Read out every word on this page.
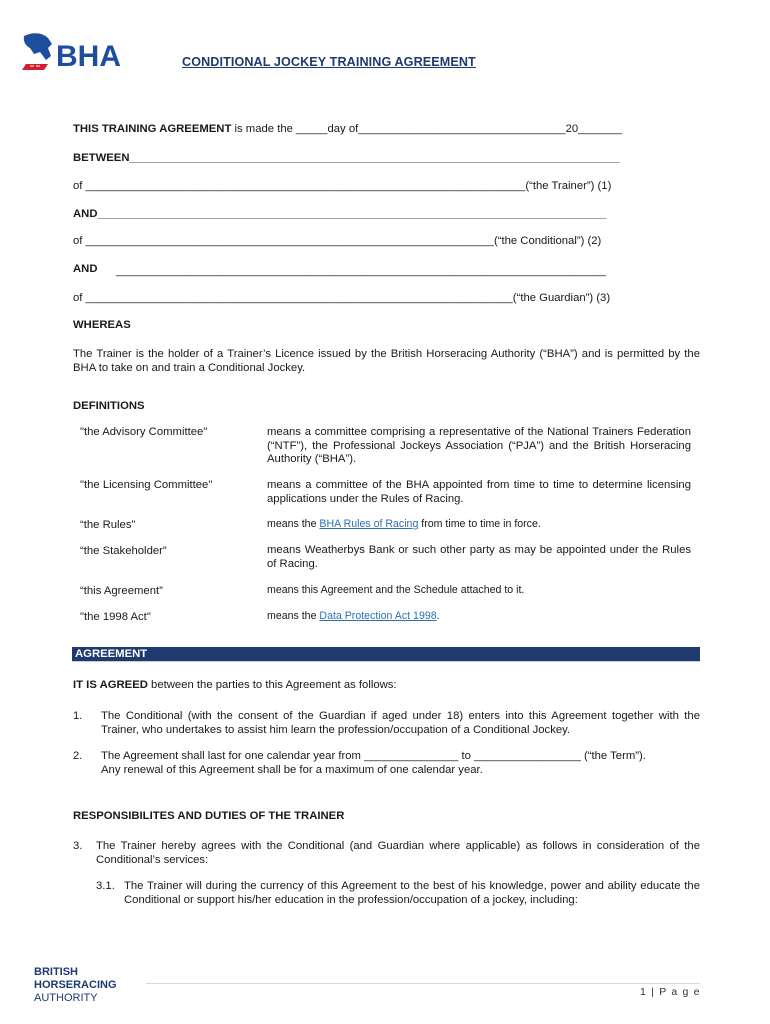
BHA	CONDITIONAL JOCKEY TRAINING AGREEMENT
THIS TRAINING AGREEMENT is made the _____day of_________________________________20_______
BETWEEN______________________________________________________________________________
of ______________________________________________________________________(“the Trainer”) (1)
AND_________________________________________________________________________________
of _________________________________________________________________(“the Conditional”) (2)
AND ______________________________________________________________________________
of ____________________________________________________________________(“the Guardian”) (3)
WHEREAS
The Trainer is the holder of a Trainer’s Licence issued by the British Horseracing Authority (“BHA”) and is permitted by the BHA to take on and train a Conditional Jockey.
DEFINITIONS
"the Advisory Committee"	means a committee comprising a representative of the National Trainers Federation (“NTF”), the Professional Jockeys Association (“PJA”) and the British Horseracing Authority (“BHA”).
"the Licensing Committee"	means a committee of the BHA appointed from time to time to determine licensing applications under the Rules of Racing.
“the Rules”	means the BHA Rules of Racing from time to time in force.
“the Stakeholder”	means Weatherbys Bank or such other party as may be appointed under the Rules of Racing.
“this Agreement”	means this Agreement and the Schedule attached to it.
"the 1998 Act"	means the Data Protection Act 1998.
AGREEMENT
IT IS AGREED between the parties to this Agreement as follows:
1. The Conditional (with the consent of the Guardian if aged under 18) enters into this Agreement together with the Trainer, who undertakes to assist him learn the profession/occupation of a Conditional Jockey.
2. The Agreement shall last for one calendar year from _______________ to _________________ (“the Term”).
Any renewal of this Agreement shall be for a maximum of one calendar year.
RESPONSIBILITES AND DUTIES OF THE TRAINER
3. The Trainer hereby agrees with the Conditional (and Guardian where applicable) as follows in consideration of the Conditional’s services:
3.1. The Trainer will during the currency of this Agreement to the best of his knowledge, power and ability educate the Conditional or support his/her education in the profession/occupation of a jockey, including:
BRITISH
HORSERACING
AUTHORITY	1 | P a g e
